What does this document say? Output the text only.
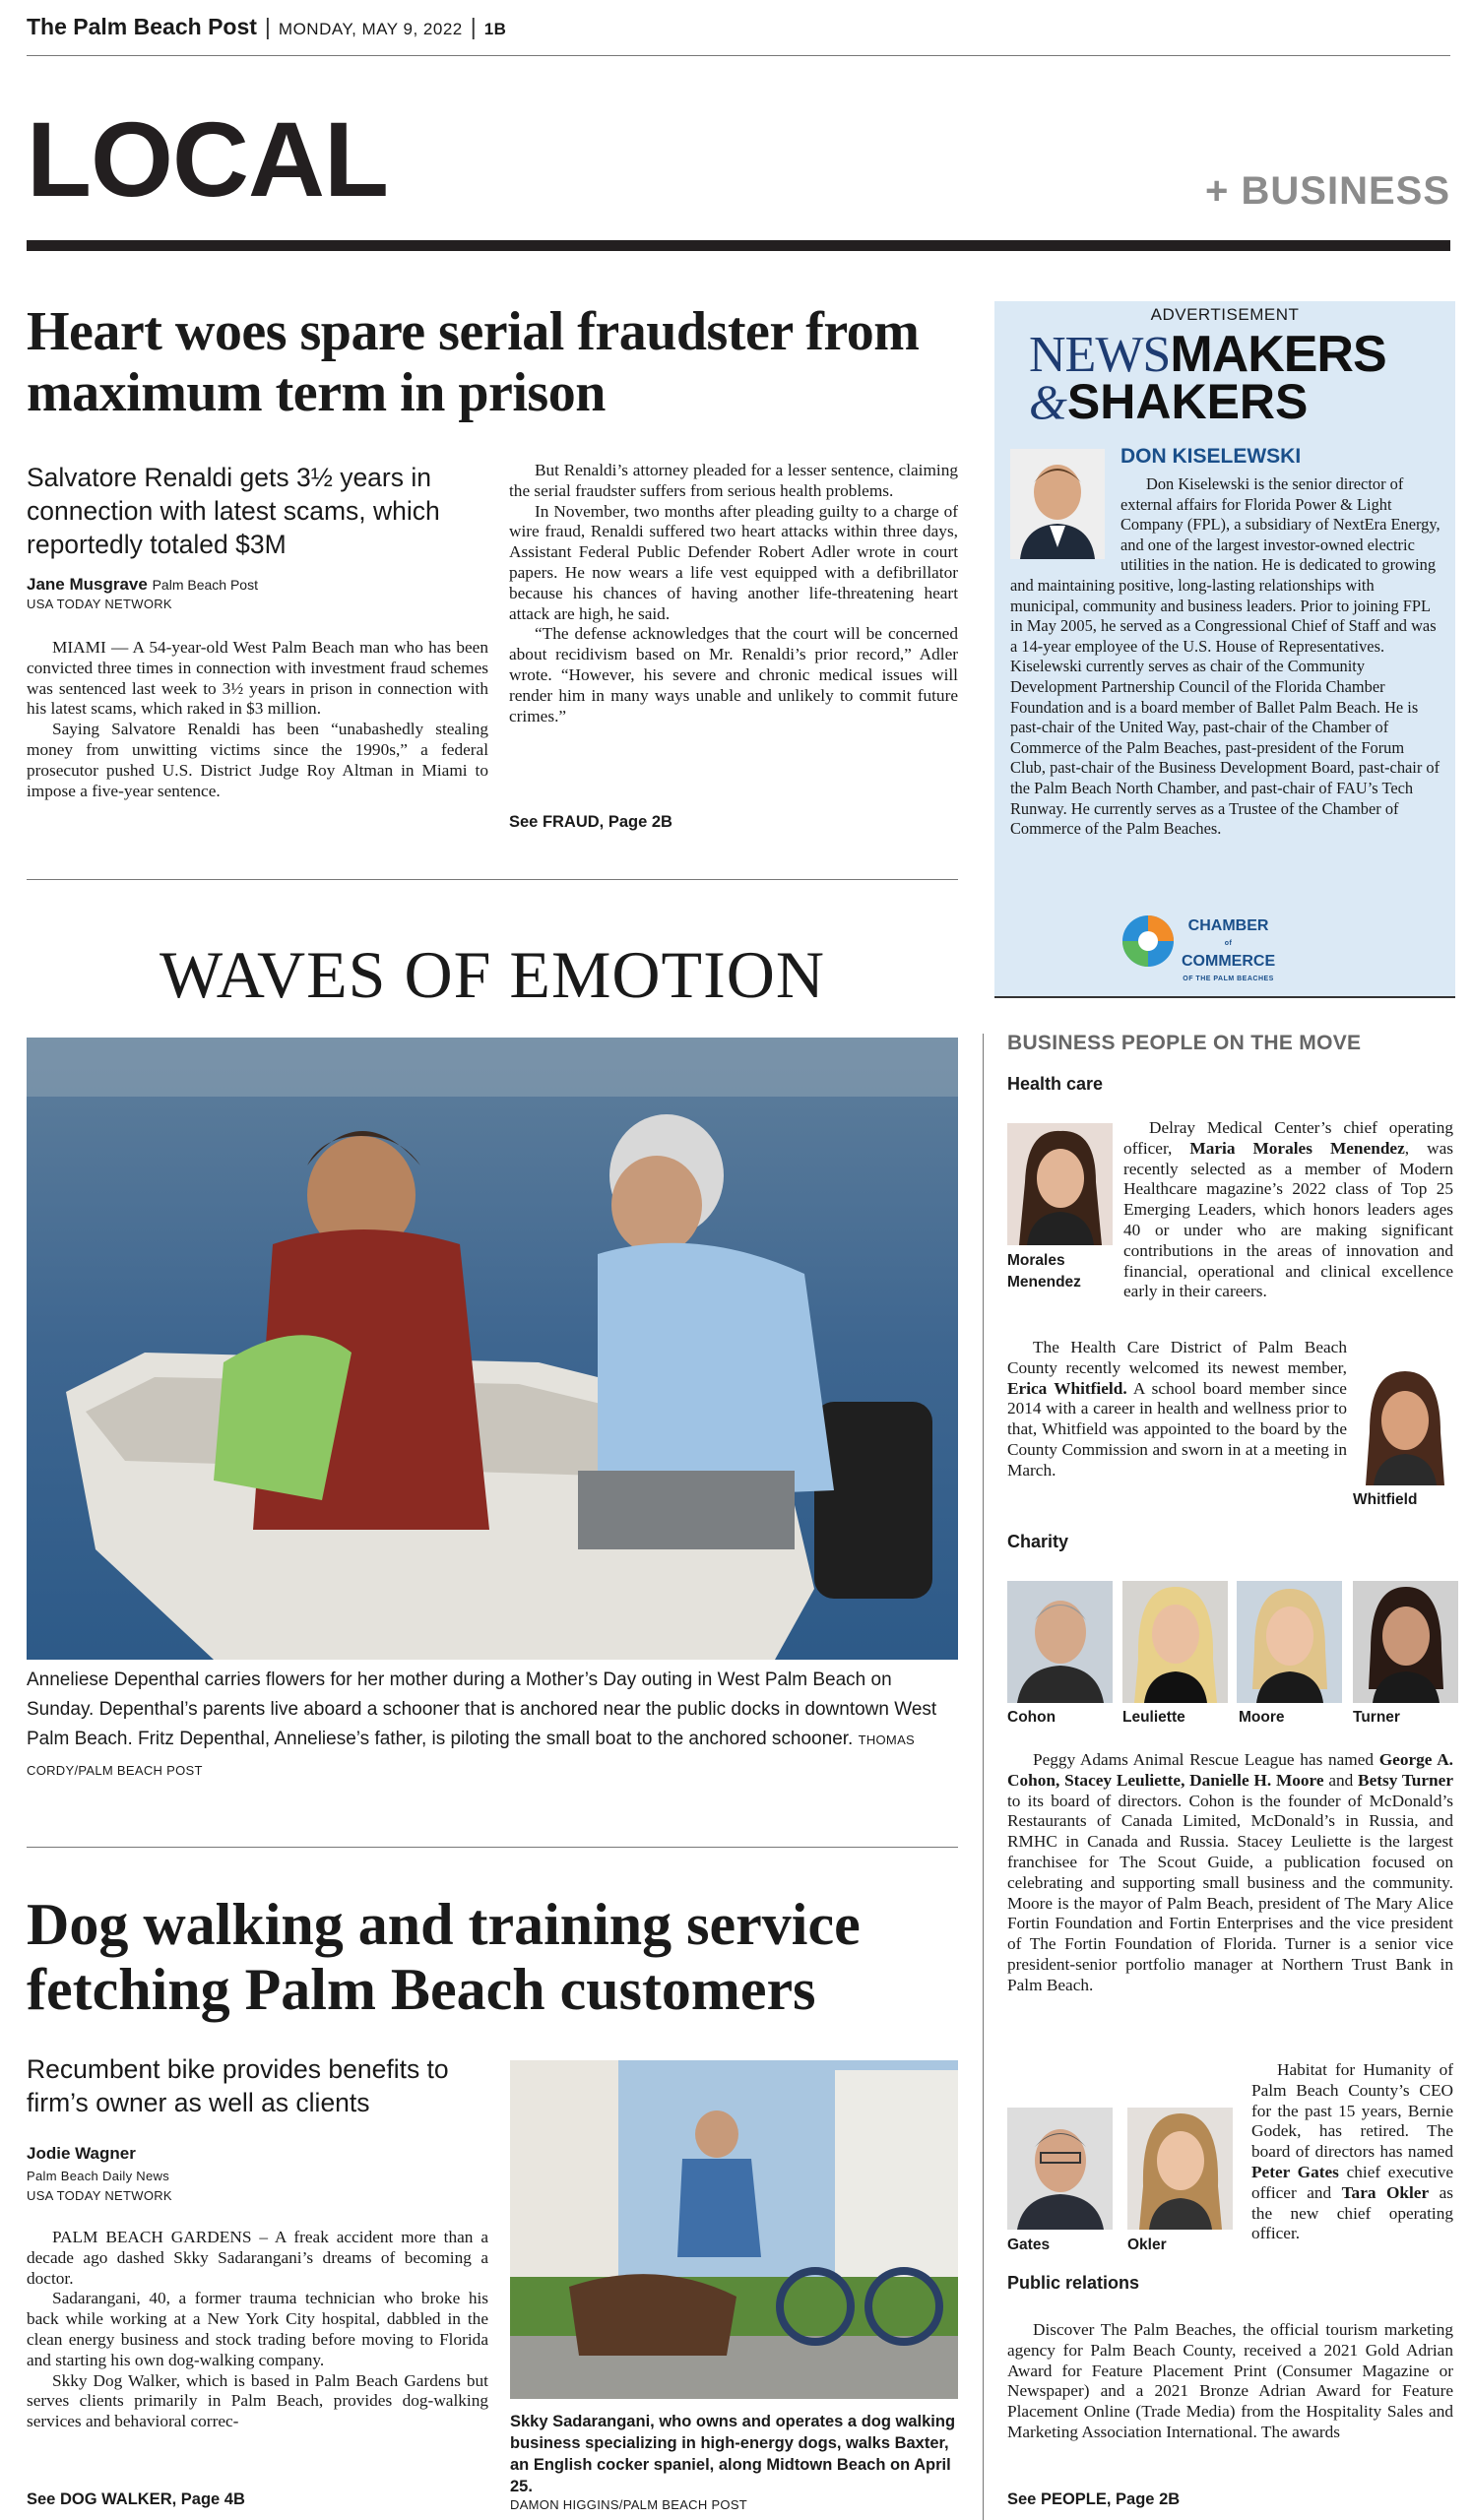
The Palm Beach Post | MONDAY, MAY 9, 2022 | 1B
LOCAL	+ BUSINESS
Heart woes spare serial fraudster from maximum term in prison
Salvatore Renaldi gets 3½ years in connection with latest scams, which reportedly totaled $3M
Jane Musgrave Palm Beach Post
USA TODAY NETWORK

MIAMI — A 54-year-old West Palm Beach man who has been convicted three times in connection with investment fraud schemes was sentenced last week to 3½ years in prison in connection with his latest scams, which raked in $3 million.

Saying Salvatore Renaldi has been “unabashedly stealing money from unwitting victims since the 1990s,” a federal prosecutor pushed U.S. District Judge Roy Altman in Miami to impose a five-year sentence.

But Renaldi’s attorney pleaded for a lesser sentence, claiming the serial fraudster suffers from serious health problems.

In November, two months after pleading guilty to a charge of wire fraud, Renaldi suffered two heart attacks within three days, Assistant Federal Public Defender Robert Adler wrote in court papers. He now wears a life vest equipped with a defibrillator because his chances of having another life-threatening heart attack are high, he said.

“The defense acknowledges that the court will be concerned about recidivism based on Mr. Renaldi’s prior record,” Adler wrote. “However, his severe and chronic medical issues will render him in many ways unable and unlikely to commit future crimes.”

See FRAUD, Page 2B
WAVES OF EMOTION
Anneliese Depenthal carries flowers for her mother during a Mother’s Day outing in West Palm Beach on Sunday. Depenthal’s parents live aboard a schooner that is anchored near the public docks in downtown West Palm Beach. Fritz Depenthal, Anneliese’s father, is piloting the small boat to the anchored schooner. THOMAS CORDY/PALM BEACH POST
Dog walking and training service fetching Palm Beach customers
Recumbent bike provides benefits to firm’s owner as well as clients
Jodie Wagner
Palm Beach Daily News
USA TODAY NETWORK

PALM BEACH GARDENS – A freak accident more than a decade ago dashed Skky Sadarangani’s dreams of becoming a doctor.

Sadarangani, 40, a former trauma technician who broke his back while working at a New York City hospital, dabbled in the clean energy business and stock trading before moving to Florida and starting his own dog-walking company.

Skky Dog Walker, which is based in Palm Beach Gardens but serves clients primarily in Palm Beach, provides dog-walking services and behavioral correc-

See DOG WALKER, Page 4B
Skky Sadarangani, who owns and operates a dog walking business specializing in high-energy dogs, walks Baxter, an English cocker spaniel, along Midtown Beach on April 25.
DAMON HIGGINS/PALM BEACH POST
ADVERTISEMENT
NEWSMAKERS
&SHAKERS
DON KISELEWSKI

Don Kiselewski is the senior director of external affairs for Florida Power & Light Company (FPL), a subsidiary of NextEra Energy, and one of the largest investor-owned electric utilities in the nation. He is dedicated to growing and maintaining positive, long-lasting relationships with municipal, community and business leaders. Prior to joining FPL in May 2005, he served as a Congressional Chief of Staff and was a 14-year employee of the U.S. House of Representatives. Kiselewski currently serves as chair of the Community Development Partnership Council of the Florida Chamber Foundation and is a board member of Ballet Palm Beach. He is past-chair of the United Way, past-chair of the Chamber of Commerce of the Palm Beaches, past-president of the Forum Club, past-chair of the Business Development Board, past-chair of the Palm Beach North Chamber, and past-chair of FAU’s Tech Runway. He currently serves as a Trustee of the Chamber of Commerce of the Palm Beaches.

CHAMBER

of
COMMERCE
OF THE PALM BEACHES
BUSINESS PEOPLE ON THE MOVE
Health care

Delray Medical Center’s chief operating officer, Maria Morales Menendez, was recently selected as a member of Modern Healthcare magazine’s 2022 class of Top 25 Emerging Leaders, which honors leaders ages 40 or under who are making significant contributions in the areas of innovation and financial, operational and clinical excellence early in their careers.

Morales Menendez

The Health Care District of Palm Beach County recently welcomed its newest member, Erica Whitfield. A school board member since 2014 with a career in health and wellness prior to that, Whitfield was appointed to the board by the County Commission and sworn in at a meeting in March.

Whitfield
Charity
Cohon	Leuliette	Moore	Turner

Peggy Adams Animal Rescue League has named George A. Cohon, Stacey Leuliette, Danielle H. Moore and Betsy Turner to its board of directors. Cohon is the founder of McDonald’s Restaurants of Canada Limited, McDonald’s in Russia, and RMHC in Canada and Russia. Stacey Leuliette is the largest franchisee for The Scout Guide, a publication focused on celebrating and supporting small business and the community. Moore is the mayor of Palm Beach, president of The Mary Alice Fortin Foundation and Fortin Enterprises and the vice president of The Fortin Foundation of Florida. Turner is a senior vice president-senior portfolio manager at Northern Trust Bank in Palm Beach.

Habitat for Humanity of Palm Beach County’s CEO for the past 15 years, Bernie Godek, has retired. The board of directors has named Peter Gates chief executive officer and Tara Okler as the new chief operating officer.

Gates	Okler
Public relations

Discover The Palm Beaches, the official tourism marketing agency for Palm Beach County, received a 2021 Gold Adrian Award for Feature Placement Print (Consumer Magazine or Newspaper) and a 2021 Bronze Adrian Award for Feature Placement Online (Trade Media) from the Hospitality Sales and Marketing Association International. The awards

See PEOPLE, Page 2B
